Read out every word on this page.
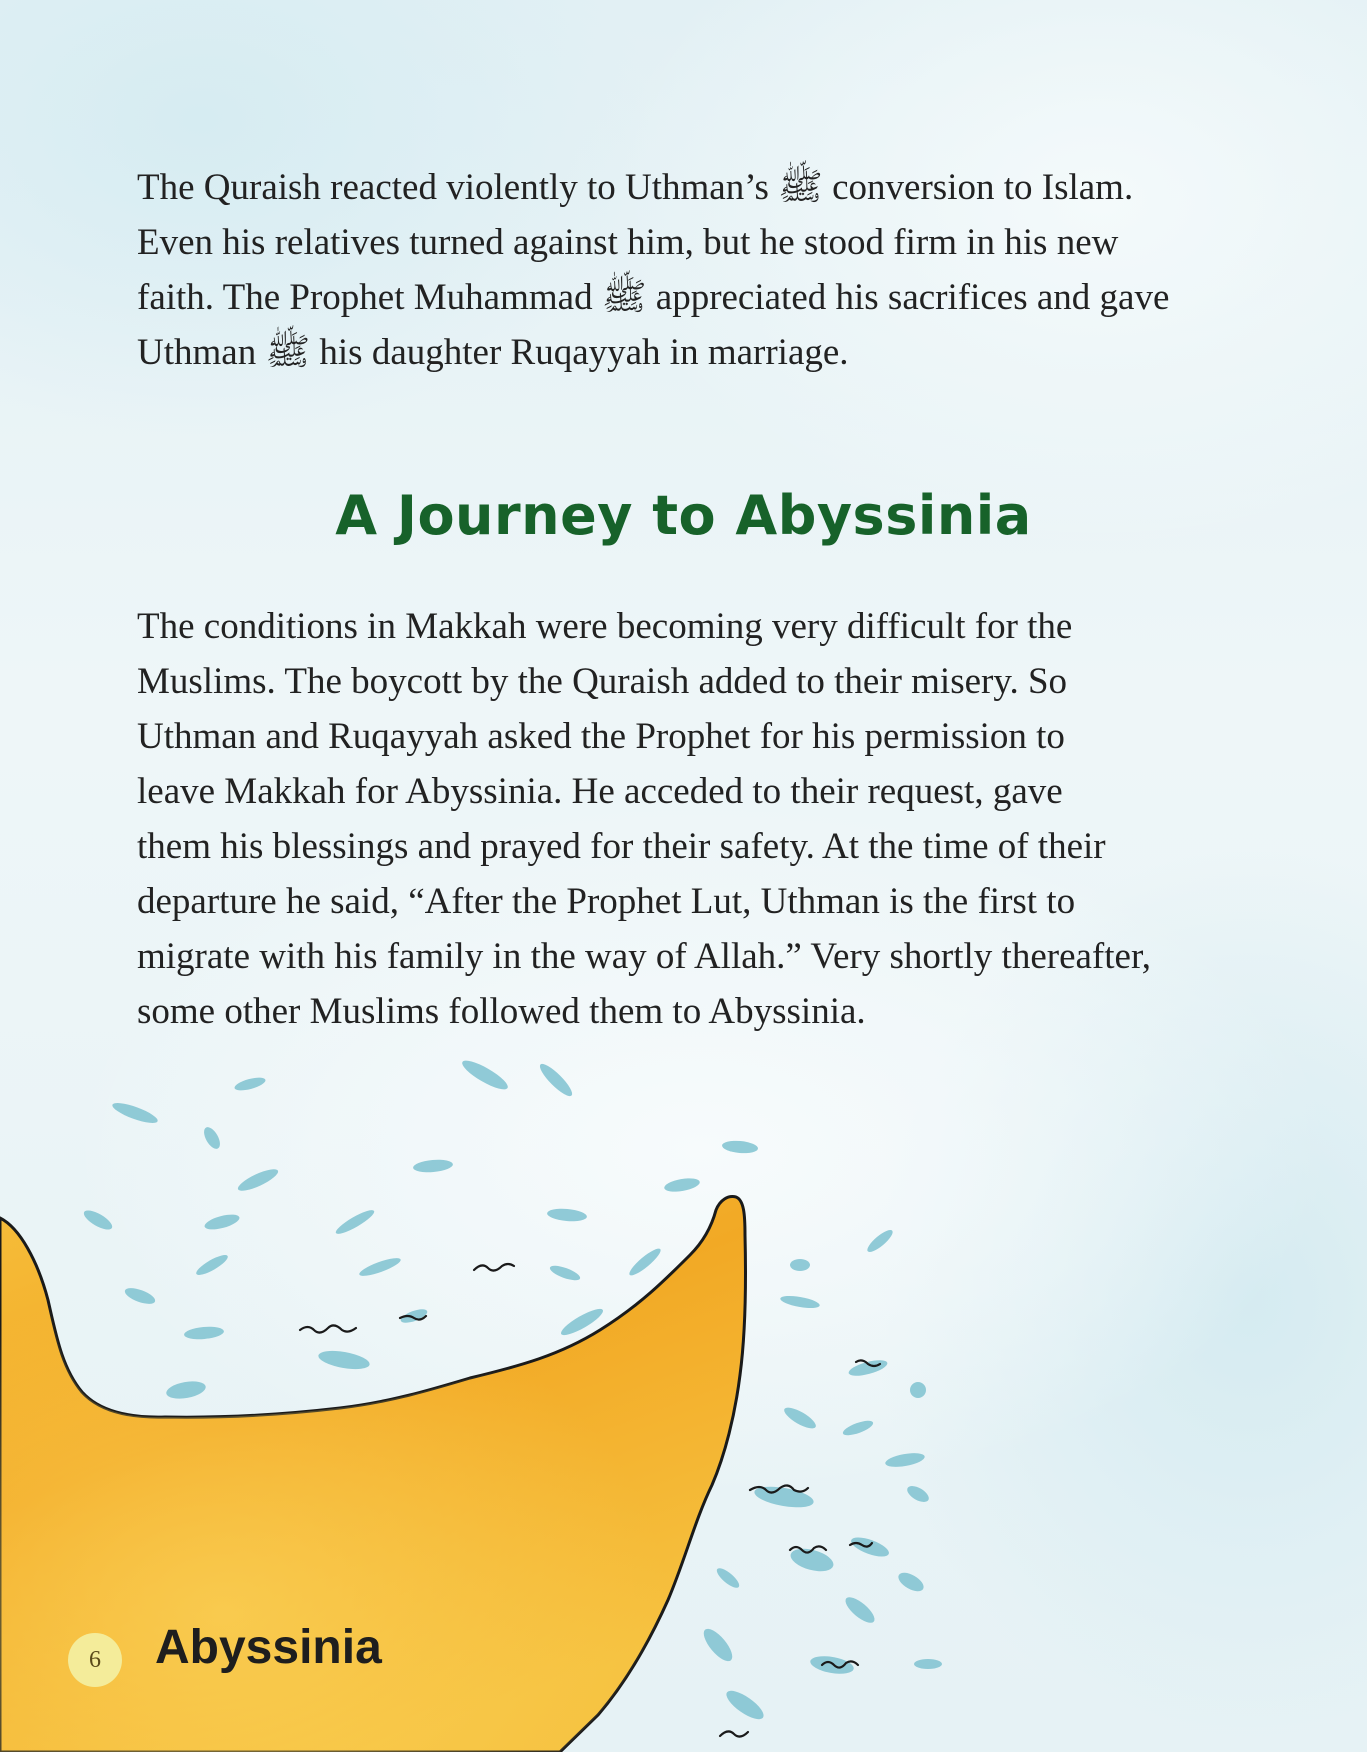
The Quraish reacted violently to Uthman’s ﷺ conversion to Islam.
Even his relatives turned against him, but he stood firm in his new
faith. The Prophet Muhammad ﷺ appreciated his sacrifices and gave
Uthman ﷺ his daughter Ruqayyah in marriage.

A Journey to Abyssinia

The conditions in Makkah were becoming very difficult for the
Muslims. The boycott by the Quraish added to their misery. So
Uthman and Ruqayyah asked the Prophet for his permission to
leave Makkah for Abyssinia. He acceded to their request, gave
them his blessings and prayed for their safety. At the time of their
departure he said, “After the Prophet Lut, Uthman is the first to
migrate with his family in the way of Allah.” Very shortly thereafter,
some other Muslims followed them to Abyssinia.

6	Abyssinia
